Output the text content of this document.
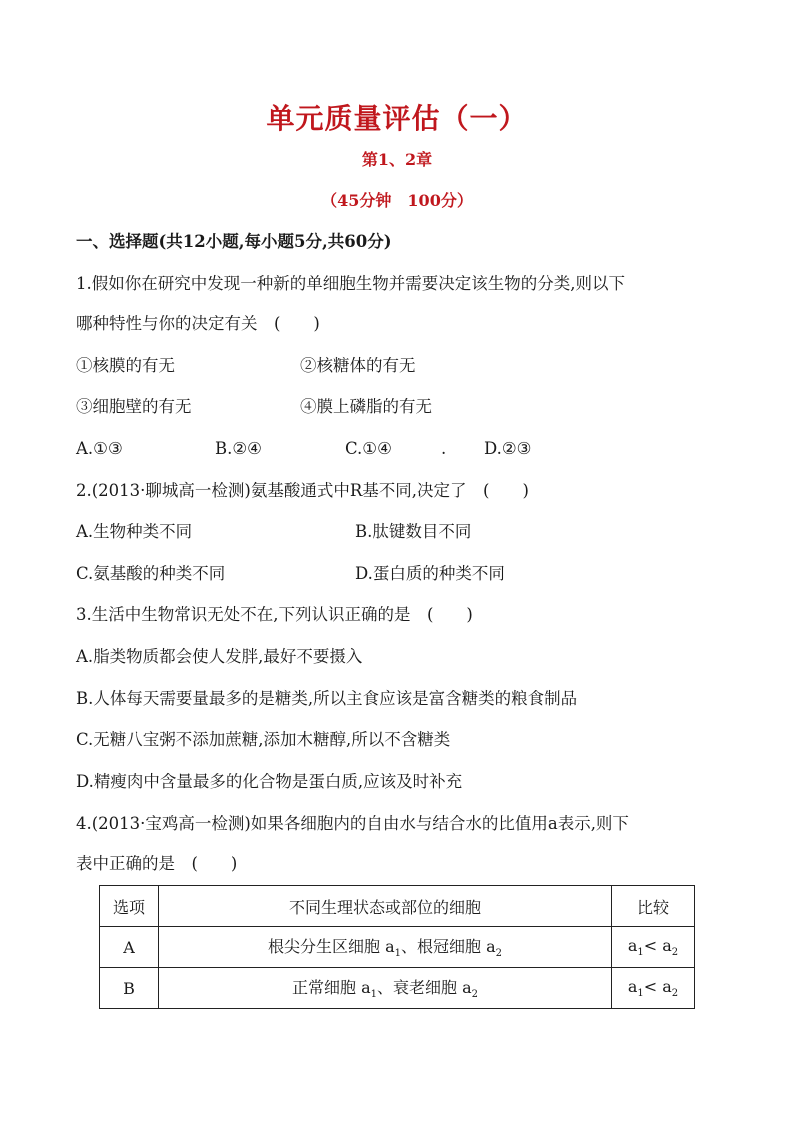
单元质量评估（一）
第1、2章
（45分钟　100分）
一、选择题(共12小题,每小题5分,共60分)
1.假如你在研究中发现一种新的单细胞生物并需要决定该生物的分类,则以下
哪种特性与你的决定有关　(　　)
①核膜的有无	②核糖体的有无
③细胞壁的有无	④膜上磷脂的有无
A.①③	B.②④	C.①④	. D.②③
2.(2013·聊城高一检测)氨基酸通式中R基不同,决定了　(　　)
A.生物种类不同	B.肽键数目不同
C.氨基酸的种类不同	D.蛋白质的种类不同
3.生活中生物常识无处不在,下列认识正确的是　(　　)
A.脂类物质都会使人发胖,最好不要摄入
B.人体每天需要量最多的是糖类,所以主食应该是富含糖类的粮食制品
C.无糖八宝粥不添加蔗糖,添加木糖醇,所以不含糖类
D.精瘦肉中含量最多的化合物是蛋白质,应该及时补充
4.(2013·宝鸡高一检测)如果各细胞内的自由水与结合水的比值用a表示,则下
表中正确的是　(　　)
选项	不同生理状态或部位的细胞	比较
A	根尖分生区细胞 $a_1$、根冠细胞 $a_2$	$a_1< a_2$
B	正常细胞 $a_1$、衰老细胞 $a_2$	$a_1< a_2$
